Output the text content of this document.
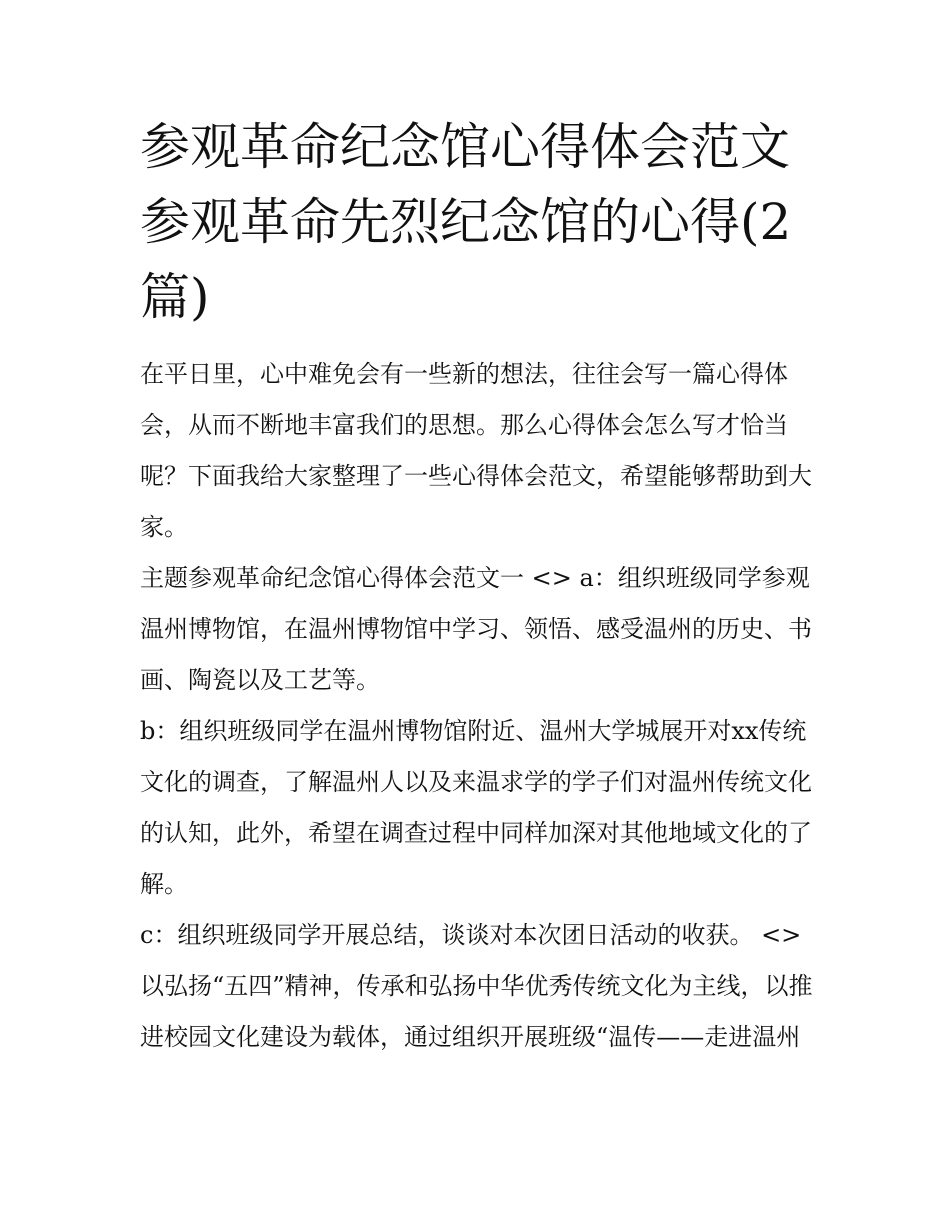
参观革命纪念馆心得体会范文参观革命先烈纪念馆的心得(2篇)

在平日里，心中难免会有一些新的想法，往往会写一篇心得体会，从而不断地丰富我们的思想。那么心得体会怎么写才恰当呢？下面我给大家整理了一些心得体会范文，希望能够帮助到大家。

主题参观革命纪念馆心得体会范文一 <> a：组织班级同学参观温州博物馆，在温州博物馆中学习、领悟、感受温州的历史、书画、陶瓷以及工艺等。

b：组织班级同学在温州博物馆附近、温州大学城展开对xx传统文化的调查，了解温州人以及来温求学的学子们对温州传统文化的认知，此外，希望在调查过程中同样加深对其他地域文化的了解。

c：组织班级同学开展总结，谈谈对本次团日活动的收获。 <> 以弘扬“五四”精神，传承和弘扬中华优秀传统文化为主线，以推进校园文化建设为载体，通过组织开展班级“温传——走进温州
